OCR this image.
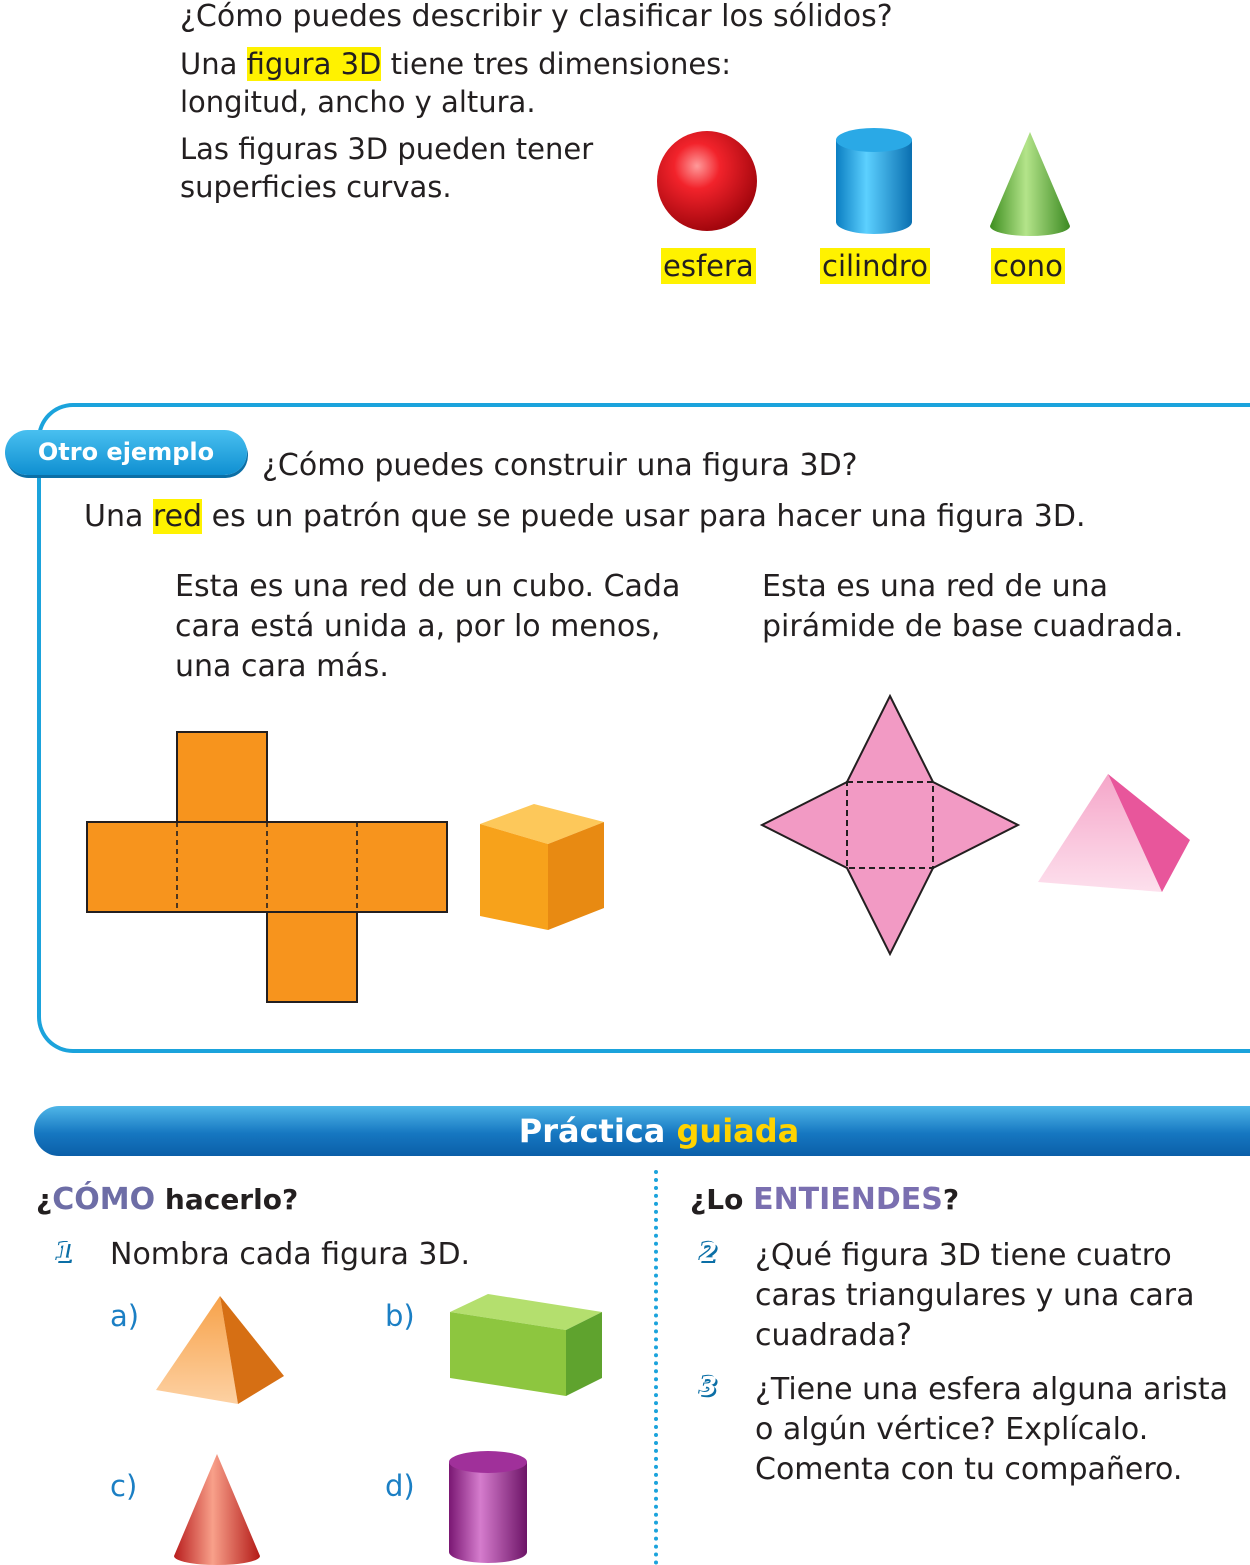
¿Cómo puedes describir y clasificar los sólidos?
Una figura 3D tiene tres dimensiones: longitud, ancho y altura.
Las figuras 3D pueden tener superficies curvas.
esfera cilindro cono
Otro ejemplo	¿Cómo puedes construir una figura 3D?
Una red es un patrón que se puede usar para hacer una figura 3D.
Esta es una red de un cubo. Cada cara está unida a, por lo menos, una cara más.
Esta es una red de una pirámide de base cuadrada.
Práctica guiada
¿CÓMO hacerlo?	¿Lo ENTIENDES?
1 Nombra cada figura 3D.
a)	b)
c)	d)
2 ¿Qué figura 3D tiene cuatro caras triangulares y una cara cuadrada?
3 ¿Tiene una esfera alguna arista o algún vértice? Explícalo. Comenta con tu compañero.
